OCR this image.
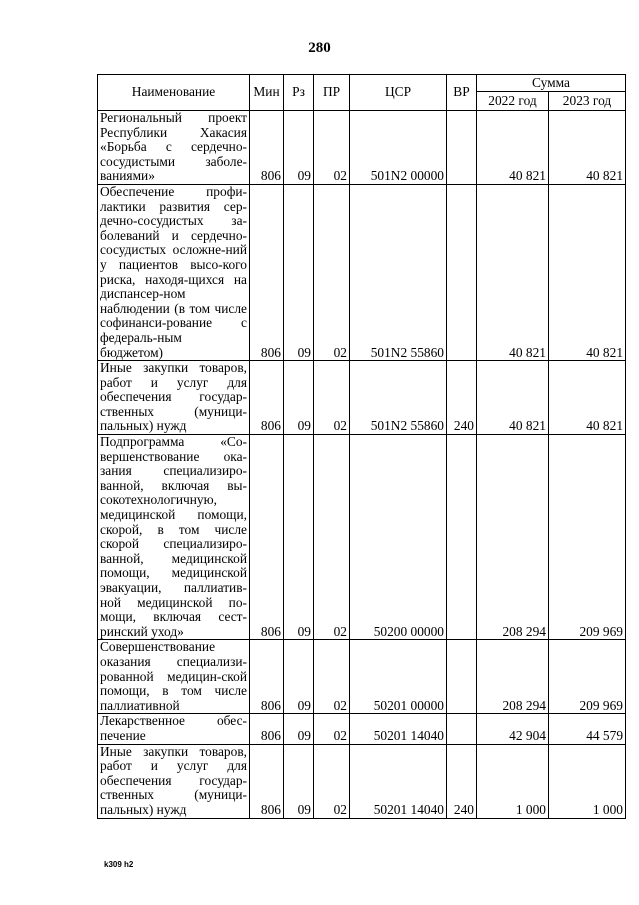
280
Наименование	Мин	Рз	ПР	ЦСР	ВР	Сумма	
						2022 год	2023 год
Региональный проект Республики Хакасия «Борьба с сердечно-сосудистыми заболе-ваниями»	806	09	02	501N2 00000		40 821	40 821
Обеспечение профи-лактики развития сер-дечно-сосудистых за-болеваний и сердечно-сосудистых осложне-ний у пациентов высо-кого риска, находя-щихся на диспансер-ном наблюдении (в том числе софинанси-рование с федераль-ным бюджетом)	806	09	02	501N2 55860		40 821	40 821
Иные закупки товаров, работ и услуг для обеспечения государ-ственных (муници-пальных) нужд	806	09	02	501N2 55860	240	40 821	40 821
Подпрограмма «Со-вершенствование ока-зания специализиро-ванной, включая вы-сокотехнологичную, медицинской помощи, скорой, в том числе скорой специализиро-ванной, медицинской помощи, медицинской эвакуации, паллиатив-ной медицинской по-мощи, включая сест-ринский уход»	806	09	02	50200 00000		208 294	209 969
Совершенствование оказания специализи-рованной медицин-ской помощи, в том числе паллиативной	806	09	02	50201 00000		208 294	209 969
Лекарственное обес-печение	806	09	02	50201 14040		42 904	44 579
Иные закупки товаров, работ и услуг для обеспечения государ-ственных (муници-пальных) нужд	806	09	02	50201 14040	240	1 000	1 000
k309 h2
